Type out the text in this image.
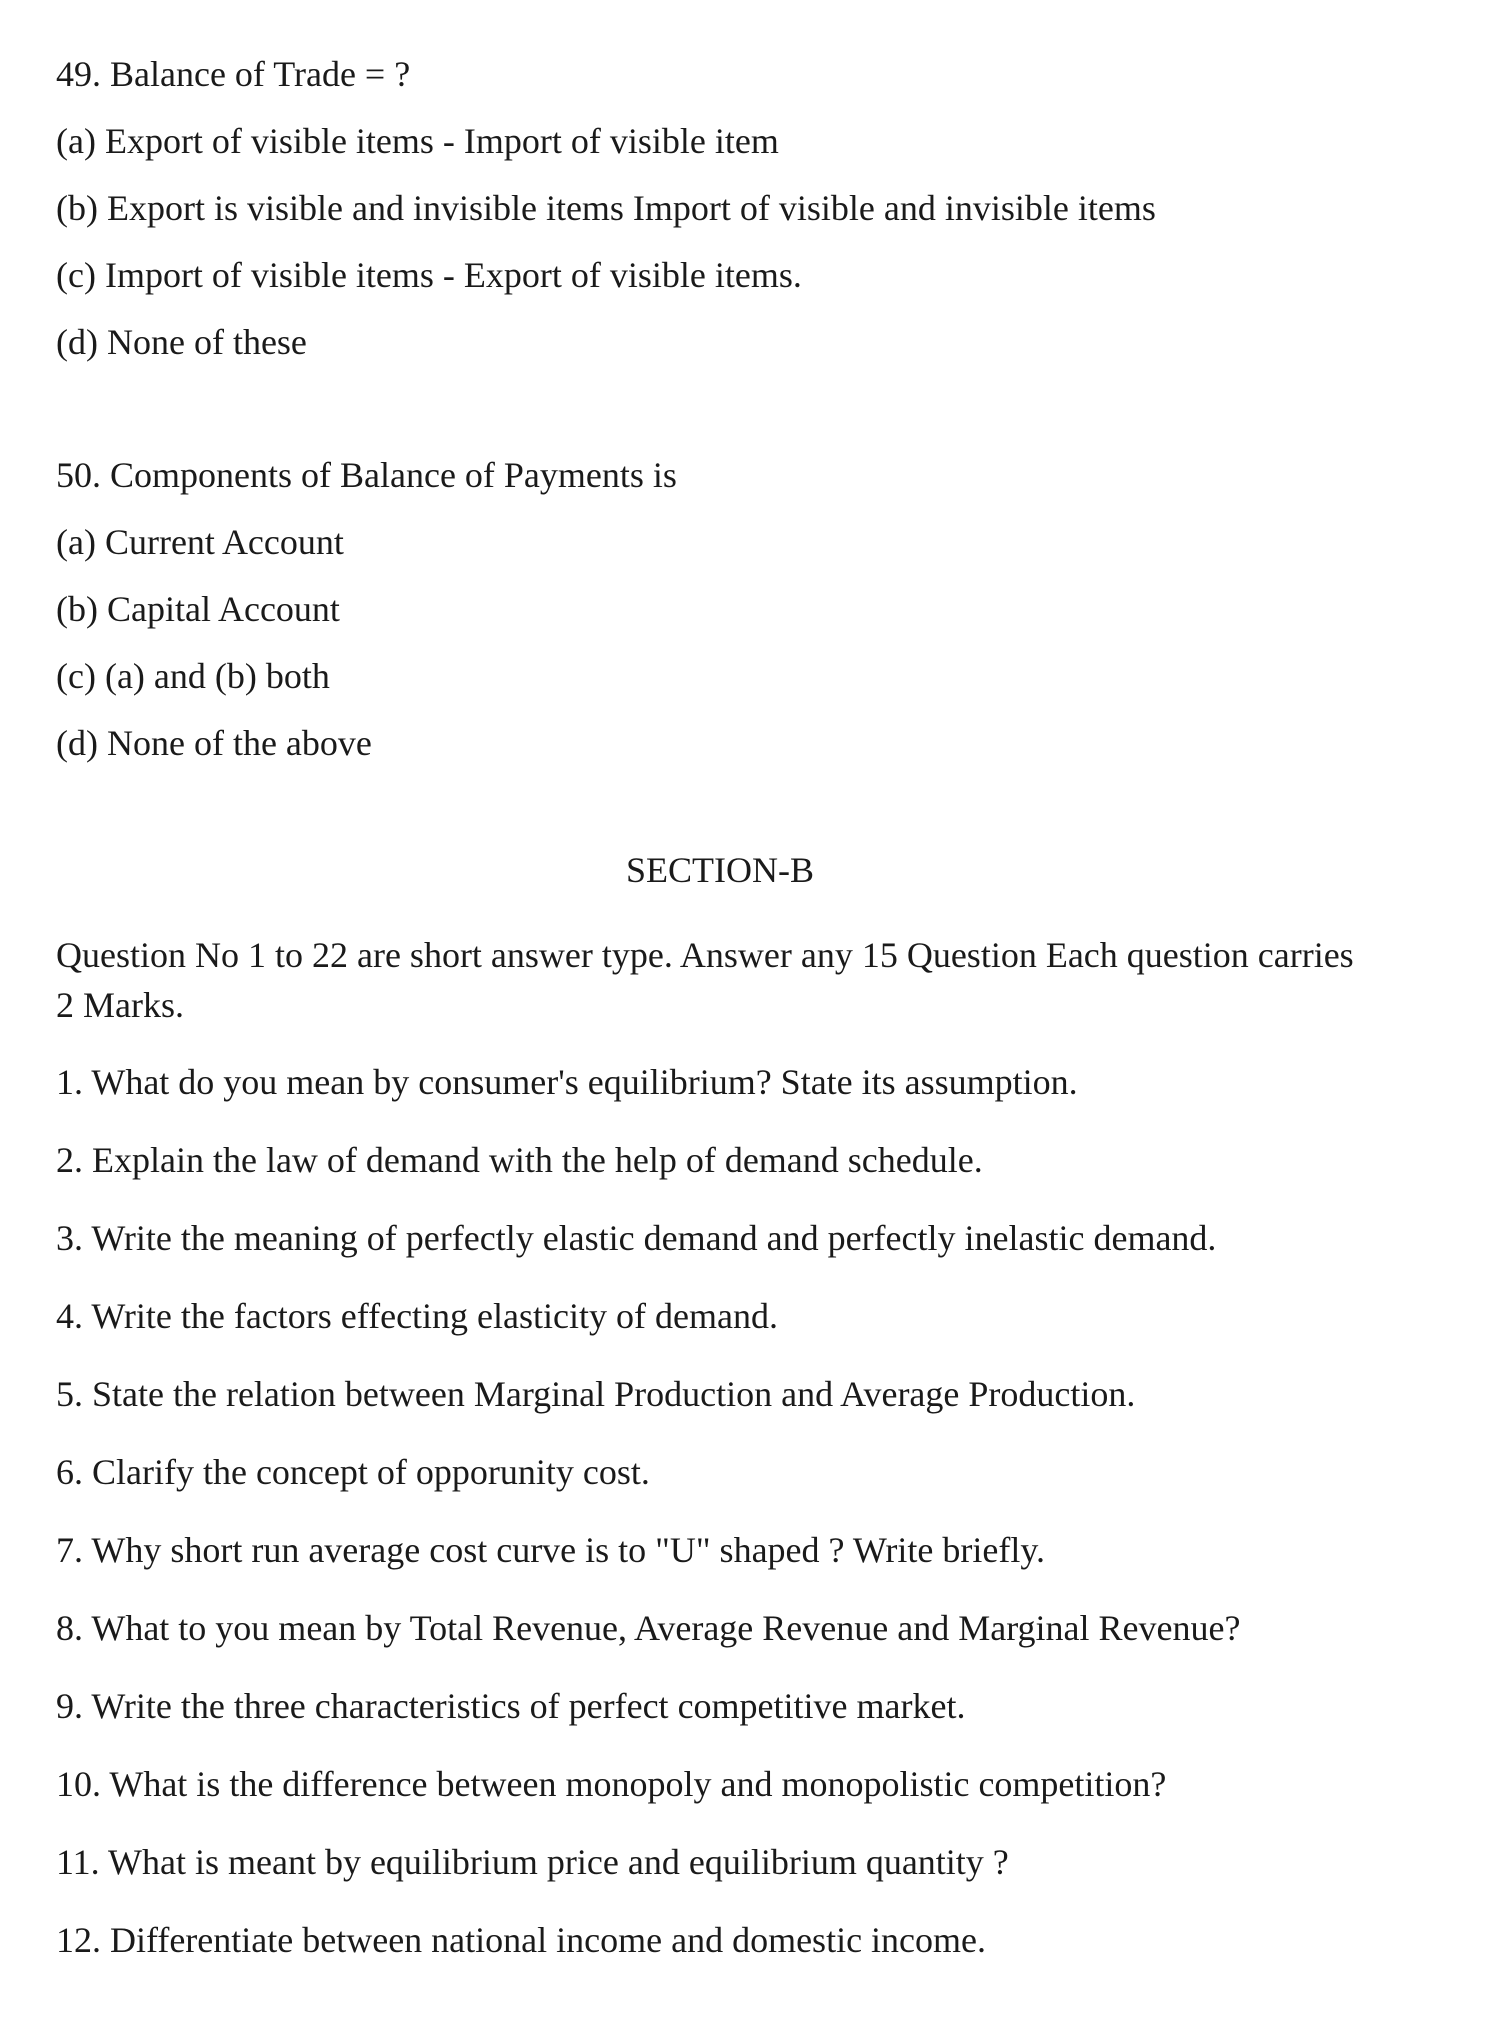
49. Balance of Trade = ?
(a) Export of visible items - Import of visible item
(b) Export is visible and invisible items Import of visible and invisible items
(c) Import of visible items - Export of visible items.
(d) None of these
50. Components of Balance of Payments is
(a) Current Account
(b) Capital Account
(c) (a) and (b) both
(d) None of the above
SECTION-B
Question No 1 to 22 are short answer type. Answer any 15 Question Each question carries 2 Marks.
1. What do you mean by consumer's equilibrium? State its assumption.
2. Explain the law of demand with the help of demand schedule.
3. Write the meaning of perfectly elastic demand and perfectly inelastic demand.
4. Write the factors effecting elasticity of demand.
5. State the relation between Marginal Production and Average Production.
6. Clarify the concept of opporunity cost.
7. Why short run average cost curve is to "U" shaped ? Write briefly.
8. What to you mean by Total Revenue, Average Revenue and Marginal Revenue?
9. Write the three characteristics of perfect competitive market.
10. What is the difference between monopoly and monopolistic competition?
11. What is meant by equilibrium price and equilibrium quantity ?
12. Differentiate between national income and domestic income.
